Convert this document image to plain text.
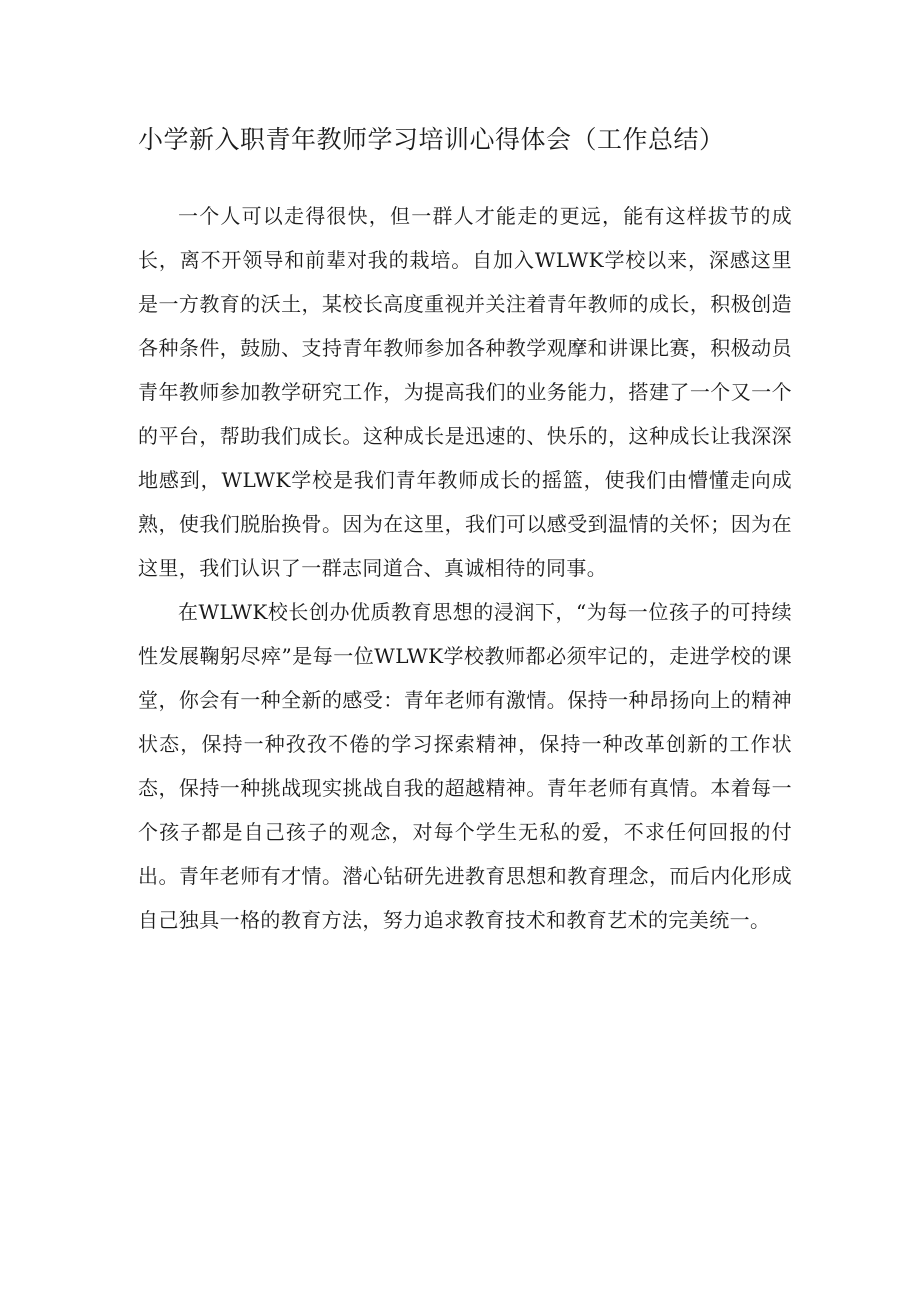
小学新入职青年教师学习培训心得体会（工作总结）

一个人可以走得很快，但一群人才能走的更远，能有这样拔节的成长，离不开领导和前辈对我的栽培。自加入WLWK学校以来，深感这里是一方教育的沃土，某校长高度重视并关注着青年教师的成长，积极创造各种条件，鼓励、支持青年教师参加各种教学观摩和讲课比赛，积极动员青年教师参加教学研究工作，为提高我们的业务能力，搭建了一个又一个的平台，帮助我们成长。这种成长是迅速的、快乐的，这种成长让我深深地感到，WLWK学校是我们青年教师成长的摇篮，使我们由懵懂走向成熟，使我们脱胎换骨。因为在这里，我们可以感受到温情的关怀；因为在这里，我们认识了一群志同道合、真诚相待的同事。

在WLWK校长创办优质教育思想的浸润下，“为每一位孩子的可持续性发展鞠躬尽瘁”是每一位WLWK学校教师都必须牢记的，走进学校的课堂，你会有一种全新的感受：青年老师有激情。保持一种昂扬向上的精神状态，保持一种孜孜不倦的学习探索精神，保持一种改革创新的工作状态，保持一种挑战现实挑战自我的超越精神。青年老师有真情。本着每一个孩子都是自己孩子的观念，对每个学生无私的爱，不求任何回报的付出。青年老师有才情。潜心钻研先进教育思想和教育理念，而后内化形成自己独具一格的教育方法，努力追求教育技术和教育艺术的完美统一。
